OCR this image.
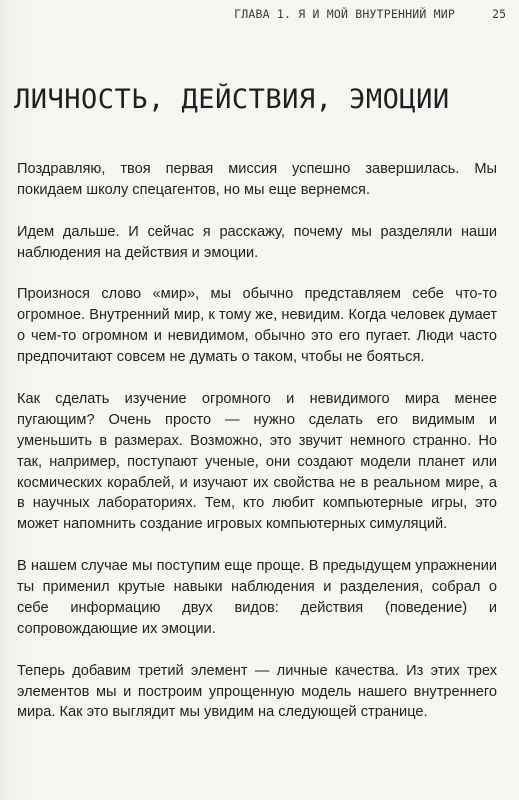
ГЛАВА 1. Я И МОЙ ВНУТРЕННИЙ МИР	25
ЛИЧНОСТЬ, ДЕЙСТВИЯ, ЭМОЦИИ

Поздравляю, твоя первая миссия успешно завершилась. Мы покидаем школу спецагентов, но мы еще вернемся.

Идем дальше. И сейчас я расскажу, почему мы разделяли наши наблюдения на действия и эмоции.

Произнося слово «мир», мы обычно представляем себе что-то огромное. Внутренний мир, к тому же, невидим. Когда человек думает о чем-то огромном и невидимом, обычно это его пугает. Люди часто предпочитают совсем не думать о таком, чтобы не бояться.

Как сделать изучение огромного и невидимого мира менее пугающим? Очень просто — нужно сделать его видимым и уменьшить в размерах. Возможно, это звучит немного странно. Но так, например, поступают ученые, они создают модели планет или космических кораблей, и изучают их свойства не в реальном мире, а в научных лабораториях. Тем, кто любит компьютерные игры, это может напомнить создание игровых компьютерных симуляций.

В нашем случае мы поступим еще проще. В предыдущем упражнении ты применил крутые навыки наблюдения и разделения, собрал о себе информацию двух видов: действия (поведение) и сопровождающие их эмоции.

Теперь добавим третий элемент — личные качества. Из этих трех элементов мы и построим упрощенную модель нашего внутреннего мира. Как это выглядит мы увидим на следующей странице.
